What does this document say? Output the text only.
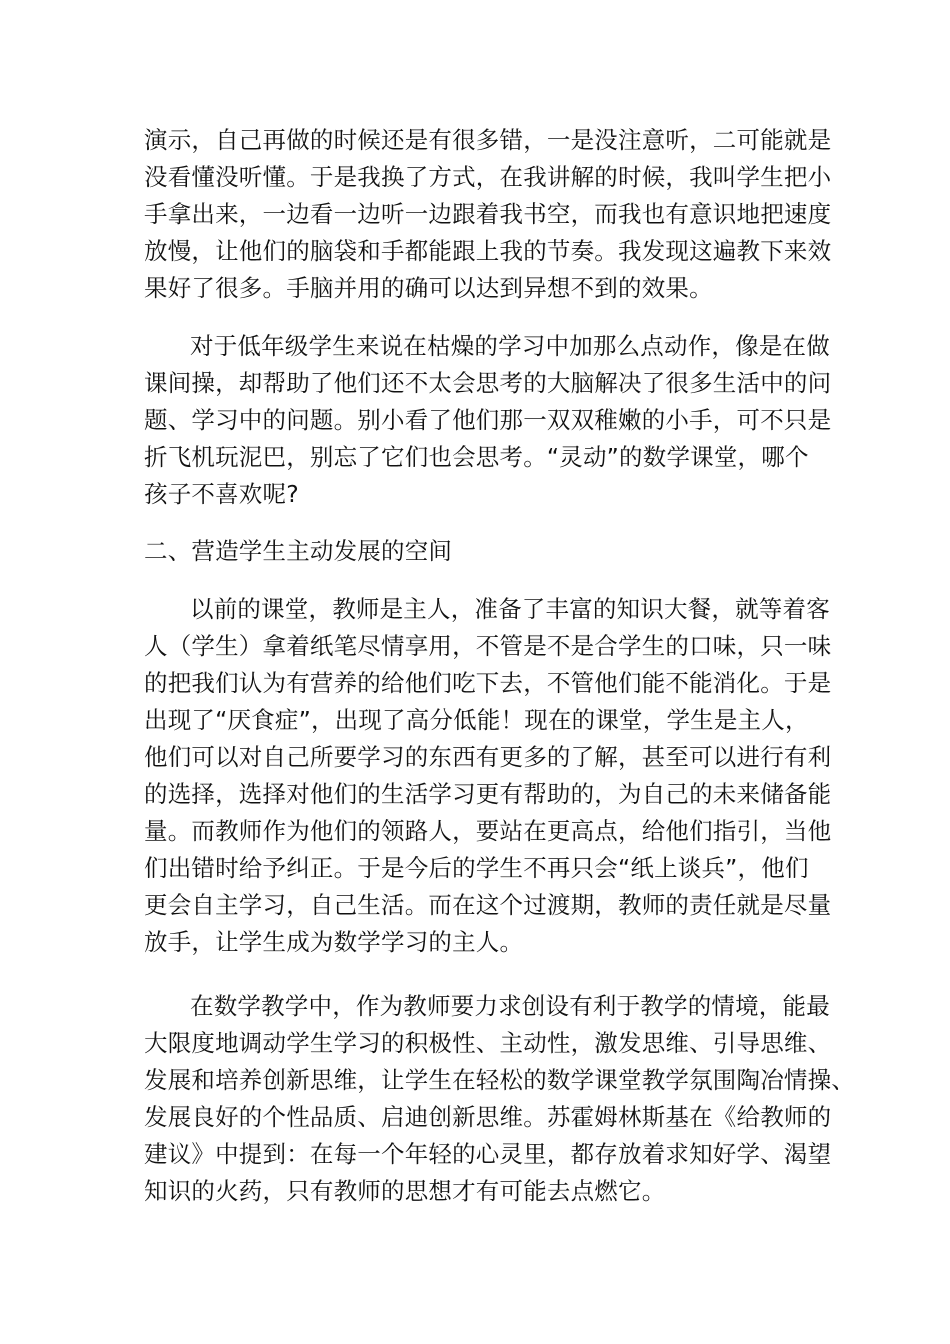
演示，自己再做的时候还是有很多错，一是没注意听，二可能就是
没看懂没听懂。于是我换了方式，在我讲解的时候，我叫学生把小
手拿出来，一边看一边听一边跟着我书空，而我也有意识地把速度
放慢，让他们的脑袋和手都能跟上我的节奏。我发现这遍教下来效
果好了很多。手脑并用的确可以达到异想不到的效果。
对于低年级学生来说在枯燥的学习中加那么点动作，像是在做
课间操，却帮助了他们还不太会思考的大脑解决了很多生活中的问
题、学习中的问题。别小看了他们那一双双稚嫩的小手，可不只是
折飞机玩泥巴，别忘了它们也会思考。“灵动”的数学课堂，哪个
孩子不喜欢呢?
二、营造学生主动发展的空间
以前的课堂，教师是主人，准备了丰富的知识大餐，就等着客
人（学生）拿着纸笔尽情享用，不管是不是合学生的口味，只一味
的把我们认为有营养的给他们吃下去，不管他们能不能消化。于是
出现了“厌食症”，出现了高分低能！现在的课堂，学生是主人，
他们可以对自己所要学习的东西有更多的了解，甚至可以进行有利
的选择，选择对他们的生活学习更有帮助的，为自己的未来储备能
量。而教师作为他们的领路人，要站在更高点，给他们指引，当他
们出错时给予纠正。于是今后的学生不再只会“纸上谈兵”，他们
更会自主学习，自己生活。而在这个过渡期，教师的责任就是尽量
放手，让学生成为数学学习的主人。
在数学教学中，作为教师要力求创设有利于教学的情境，能最
大限度地调动学生学习的积极性、主动性，激发思维、引导思维、
发展和培养创新思维，让学生在轻松的数学课堂教学氛围陶冶情操、
发展良好的个性品质、启迪创新思维。苏霍姆林斯基在《给教师的
建议》中提到：在每一个年轻的心灵里，都存放着求知好学、渴望
知识的火药，只有教师的思想才有可能去点燃它。
